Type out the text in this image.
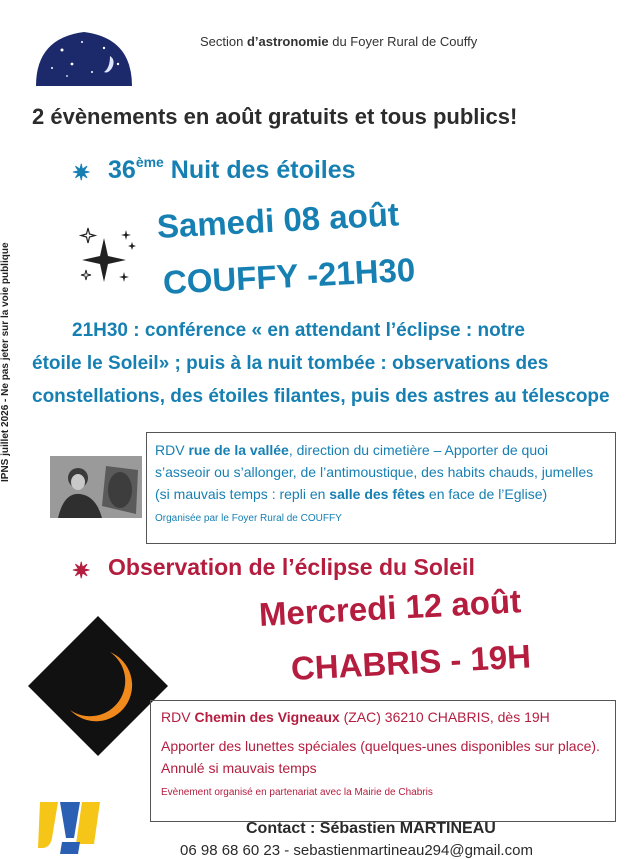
Section d’astronomie du Foyer Rural de Couffy
2 évènements en août gratuits et tous publics!
✷ 36ème Nuit des étoiles
Samedi 08 août
COUFFY -21H30
21H30 : conférence « en attendant l’éclipse : notre
étoile le Soleil» ; puis à la nuit tombée : observations des constellations, des étoiles filantes, puis des astres au télescope
RDV rue de la vallée, direction du cimetière – Apporter de quoi s’asseoir ou s’allonger, de l’antimoustique, des habits chauds, jumelles (si mauvais temps : repli en salle des fêtes en face de l’Eglise)
Organisée par le Foyer Rural de COUFFY
✷ Observation de l’éclipse du Soleil
Mercredi 12 août
CHABRIS - 19H
RDV Chemin des Vigneaux (ZAC) 36210 CHABRIS, dès 19H
Apporter des lunettes spéciales (quelques-unes disponibles sur place). Annulé si mauvais temps
Evènement organisé en partenariat avec la Mairie de Chabris
IPNS juillet 2026 - Ne pas jeter sur la voie publique
Contact : Sébastien MARTINEAU
06 98 68 60 23 - sebastienmartineau294@gmail.com
